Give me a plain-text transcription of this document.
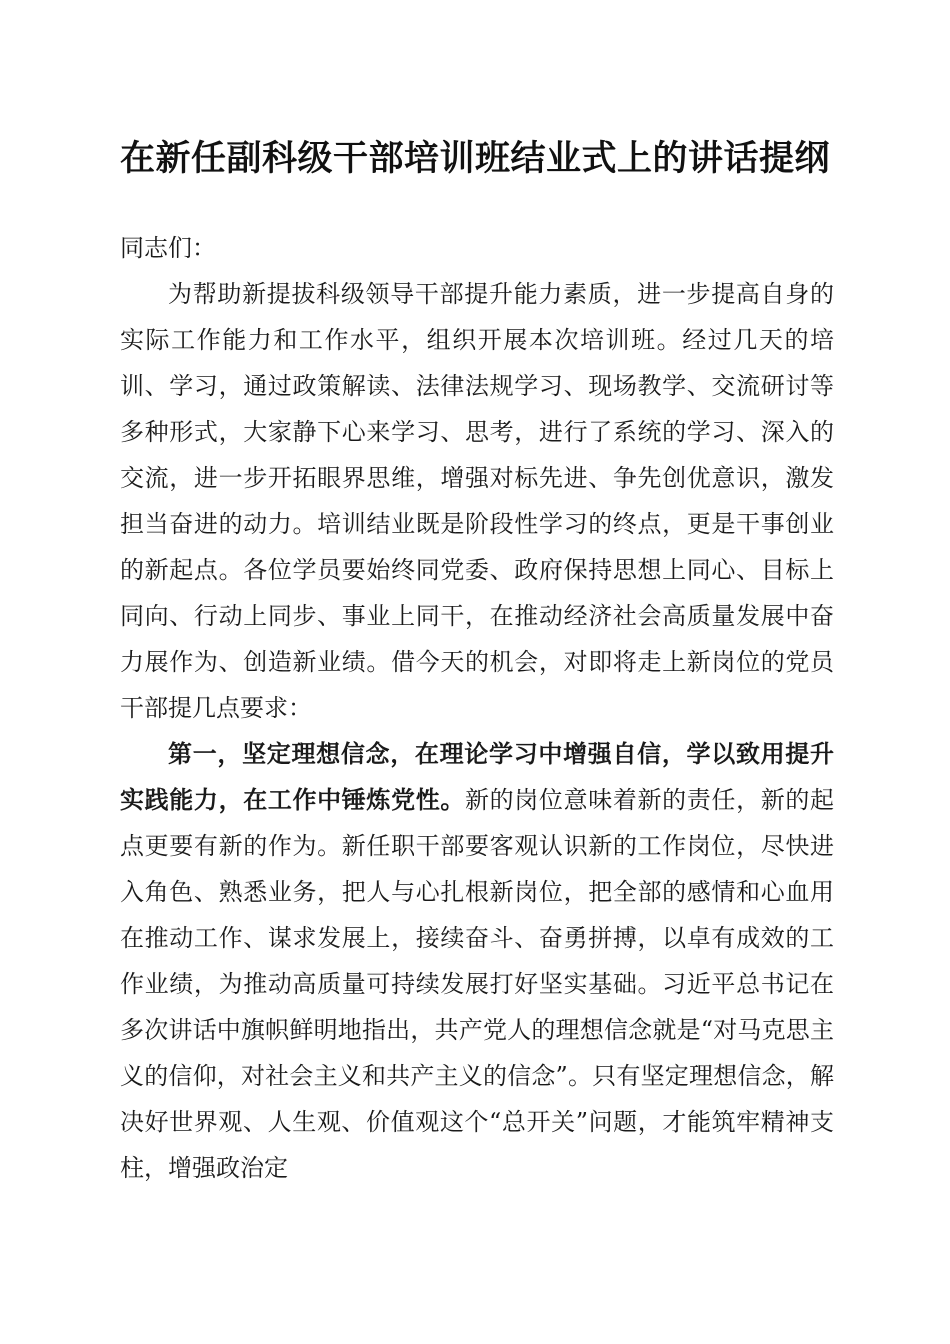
在新任副科级干部培训班结业式上的讲话提纲

同志们：

为帮助新提拔科级领导干部提升能力素质，进一步提高自身的实际工作能力和工作水平，组织开展本次培训班。经过几天的培训、学习，通过政策解读、法律法规学习、现场教学、交流研讨等多种形式，大家静下心来学习、思考，进行了系统的学习、深入的交流，进一步开拓眼界思维，增强对标先进、争先创优意识，激发担当奋进的动力。培训结业既是阶段性学习的终点，更是干事创业的新起点。各位学员要始终同党委、政府保持思想上同心、目标上同向、行动上同步、事业上同干，在推动经济社会高质量发展中奋力展作为、创造新业绩。借今天的机会，对即将走上新岗位的党员干部提几点要求：

第一，坚定理想信念，在理论学习中增强自信，学以致用提升实践能力，在工作中锤炼党性。新的岗位意味着新的责任，新的起点更要有新的作为。新任职干部要客观认识新的工作岗位，尽快进入角色、熟悉业务，把人与心扎根新岗位，把全部的感情和心血用在推动工作、谋求发展上，接续奋斗、奋勇拼搏，以卓有成效的工作业绩，为推动高质量可持续发展打好坚实基础。习近平总书记在多次讲话中旗帜鲜明地指出，共产党人的理想信念就是“对马克思主义的信仰，对社会主义和共产主义的信念”。只有坚定理想信念，解决好世界观、人生观、价值观这个“总开关”问题，才能筑牢精神支柱，增强政治定
